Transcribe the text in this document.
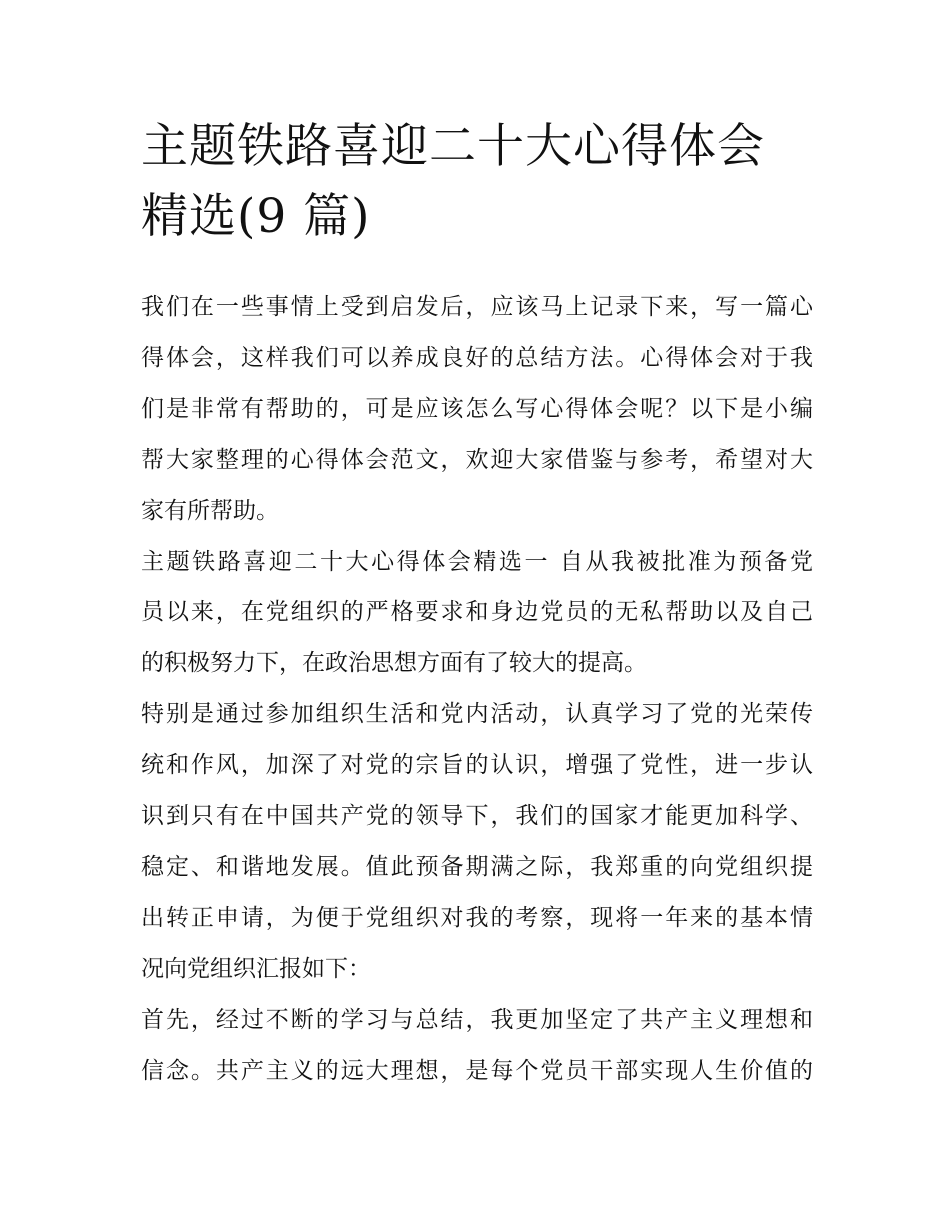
主题铁路喜迎二十大心得体会
精选(9 篇)
我们在一些事情上受到启发后，应该马上记录下来，写一篇心
得体会，这样我们可以养成良好的总结方法。心得体会对于我
们是非常有帮助的，可是应该怎么写心得体会呢？以下是小编
帮大家整理的心得体会范文，欢迎大家借鉴与参考，希望对大
家有所帮助。
主题铁路喜迎二十大心得体会精选一 自从我被批准为预备党
员以来，在党组织的严格要求和身边党员的无私帮助以及自己
的积极努力下，在政治思想方面有了较大的提高。
特别是通过参加组织生活和党内活动，认真学习了党的光荣传
统和作风，加深了对党的宗旨的认识，增强了党性，进一步认
识到只有在中国共产党的领导下，我们的国家才能更加科学、
稳定、和谐地发展。值此预备期满之际，我郑重的向党组织提
出转正申请，为便于党组织对我的考察，现将一年来的基本情
况向党组织汇报如下：
首先，经过不断的学习与总结，我更加坚定了共产主义理想和
信念。共产主义的远大理想，是每个党员干部实现人生价值的
